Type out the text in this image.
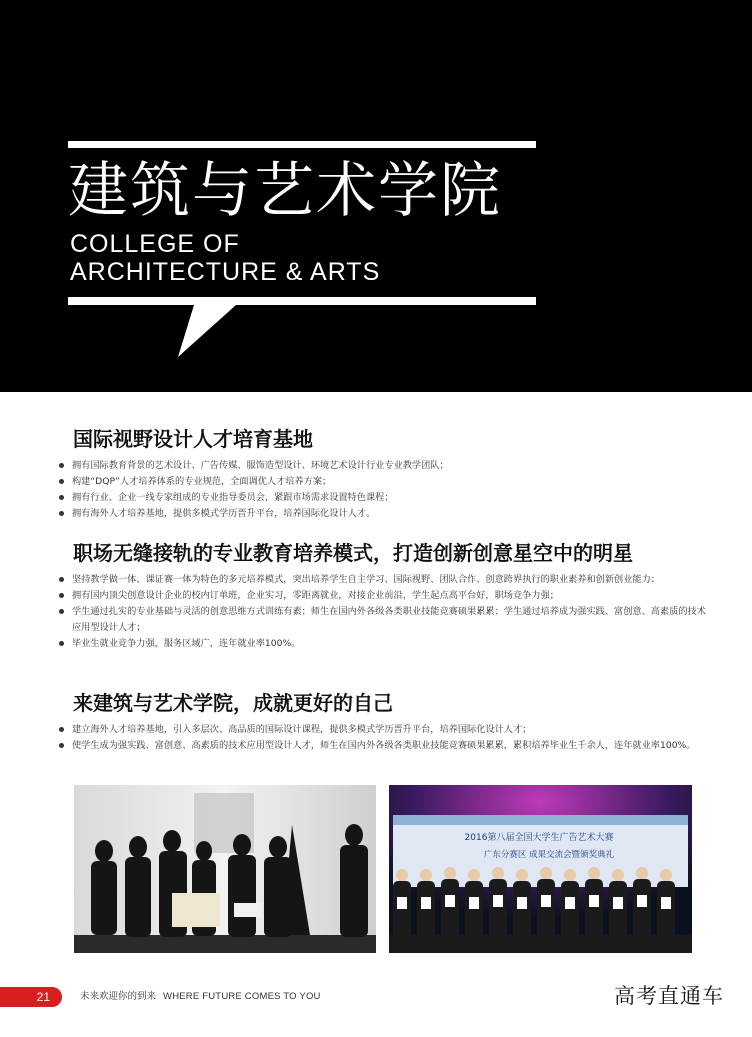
建筑与艺术学院
COLLEGE OF
ARCHITECTURE & ARTS
国际视野设计人才培育基地
拥有国际教育背景的艺术设计、广告传媒、服饰造型设计、环境艺术设计行业专业教学团队；
构建“DQP”人才培养体系的专业规范，全面调优人才培养方案；
拥有行业、企业一线专家组成的专业指导委员会，紧跟市场需求设置特色课程；
拥有海外人才培养基地，提供多模式学历晋升平台，培养国际化设计人才。
职场无缝接轨的专业教育培养模式，打造创新创意星空中的明星
坚持教学做一体、课证赛一体为特色的多元培养模式，突出培养学生自主学习、国际视野、团队合作、创意跨界执行的职业素养和创新创业能力；
拥有国内顶尖创意设计企业的校内订单班，企业实习，零距离就业，对接企业前沿，学生起点高平台好，职场竞争力强；
学生通过扎实的专业基础与灵活的创意思维方式训练有素；师生在国内外各级各类职业技能竞赛硕果累累；学生通过培养成为强实践、富创意、高素质的技术应用型设计人才；
毕业生就业竞争力强，服务区域广，连年就业率100%。
来建筑与艺术学院，成就更好的自己
建立海外人才培养基地，引入多层次、高品质的国际设计课程，提供多模式学历晋升平台，培养国际化设计人才；
使学生成为强实践、富创意、高素质的技术应用型设计人才，师生在国内外各级各类职业技能竞赛硕果累累，累积培养毕业生千余人，连年就业率100%。
2016第八届全国大学生广告艺术大赛
广东分赛区 成果交流会暨颁奖典礼
21	未来欢迎你的到来 WHERE FUTURE COMES TO YOU	高考直通车
